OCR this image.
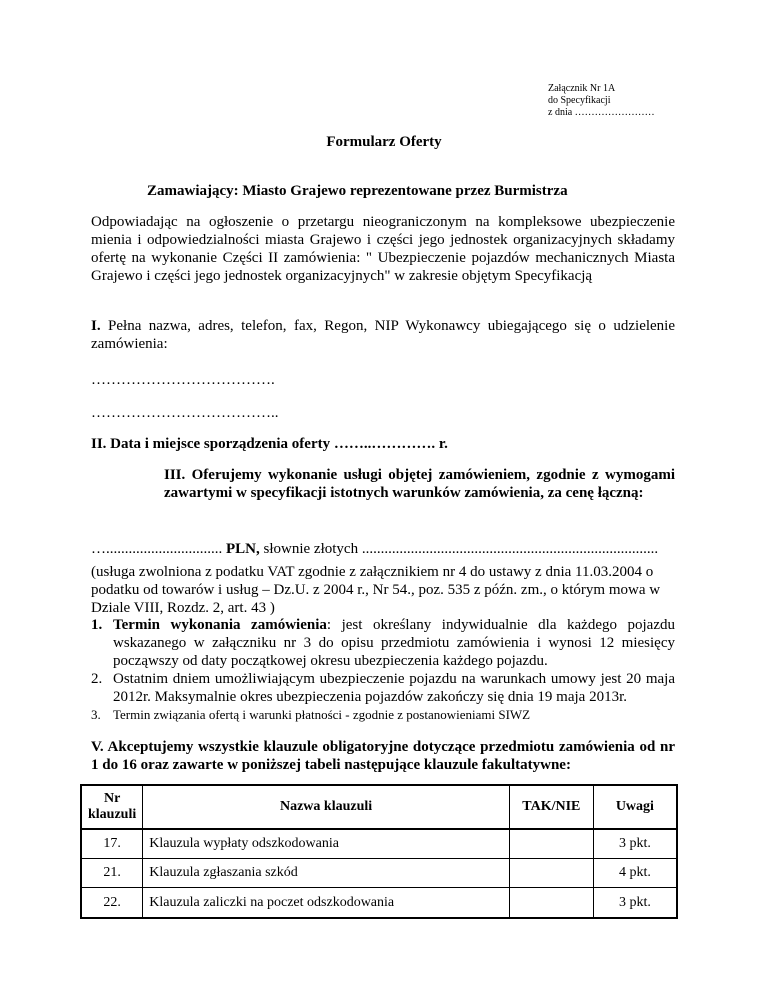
Załącznik Nr 1A
do Specyfikacji
z dnia ……………………
Formularz Oferty
Zamawiający: Miasto Grajewo reprezentowane przez Burmistrza
Odpowiadając na ogłoszenie o przetargu nieograniczonym na kompleksowe ubezpieczenie mienia i odpowiedzialności miasta Grajewo i części jego jednostek organizacyjnych składamy ofertę na wykonanie Części II zamówienia: " Ubezpieczenie pojazdów mechanicznych Miasta Grajewo i części jego jednostek organizacyjnych" w zakresie objętym Specyfikacją
I. Pełna nazwa, adres, telefon, fax, Regon, NIP Wykonawcy ubiegającego się o udzielenie zamówienia:
……………………………….
………………………………..
II. Data i miejsce sporządzenia oferty ……..…………. r.
III. Oferujemy wykonanie usługi objętej zamówieniem, zgodnie z wymogami zawartymi w specyfikacji istotnych warunków zamówienia, za cenę łączną:
…............................... PLN, słownie złotych ...............................................................................
(usługa zwolniona z podatku VAT zgodnie z załącznikiem nr 4 do ustawy z dnia 11.03.2004 o podatku od towarów i usług – Dz.U. z 2004 r., Nr 54., poz. 535 z późn. zm., o którym mowa w Dziale VIII, Rozdz. 2, art. 43 )
1. Termin wykonania zamówienia: jest określany indywidualnie dla każdego pojazdu wskazanego w załączniku nr 3 do opisu przedmiotu zamówienia i wynosi 12 miesięcy począwszy od daty początkowej okresu ubezpieczenia każdego pojazdu.
2. Ostatnim dniem umożliwiającym ubezpieczenie pojazdu na warunkach umowy jest 20 maja 2012r. Maksymalnie okres ubezpieczenia pojazdów zakończy się dnia 19 maja 2013r.
3. Termin związania ofertą i warunki płatności - zgodnie z postanowieniami SIWZ
V. Akceptujemy wszystkie klauzule obligatoryjne dotyczące przedmiotu zamówienia od nr 1 do 16 oraz zawarte w poniższej tabeli następujące klauzule fakultatywne:
Nr klauzuli	Nazwa klauzuli	TAK/NIE	Uwagi
17.	Klauzula wypłaty odszkodowania		3 pkt.
21.	Klauzula zgłaszania szkód		4 pkt.
22.	Klauzula zaliczki na poczet odszkodowania		3 pkt.
